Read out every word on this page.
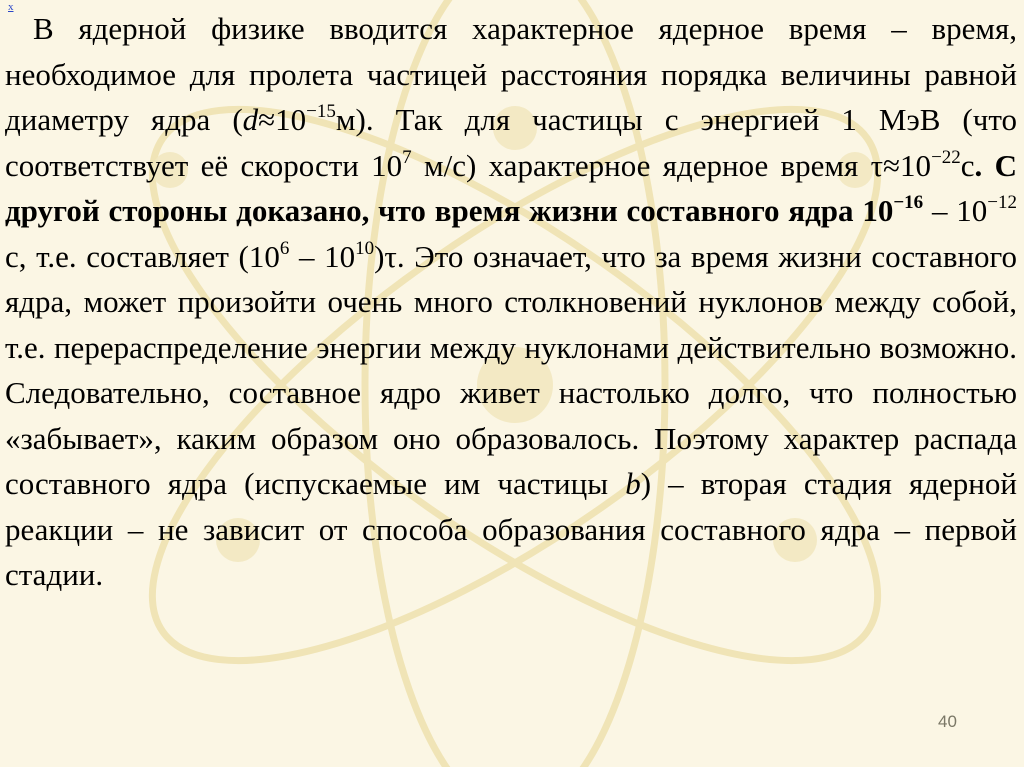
x

В ядерной физике вводится характерное ядерное время – время, необходимое для пролета частицей расстояния порядка величины равной диаметру ядра $(d\approx 10^{-15}м)$. Так для частицы с энергией 1 МэВ (что соответствует её скорости $10^7$ м/с) характерное ядерное время $\tau\approx 10^{-22}с$. С другой стороны доказано, что время жизни составного ядра $10^{-16} - 10^{-12}$ с, т.е. составляет $(10^6 - 10^{10})\tau$. Это означает, что за время жизни составного ядра, может произойти очень много столкновений нуклонов между собой, т.е. перераспределение энергии между нуклонами действительно возможно. Следовательно, составное ядро живет настолько долго, что полностью «забывает», каким образом оно образовалось. Поэтому характер распада составного ядра (испускаемые им частицы b) – вторая стадия ядерной реакции – не зависит от способа образования составного ядра – первой стадии.

40
